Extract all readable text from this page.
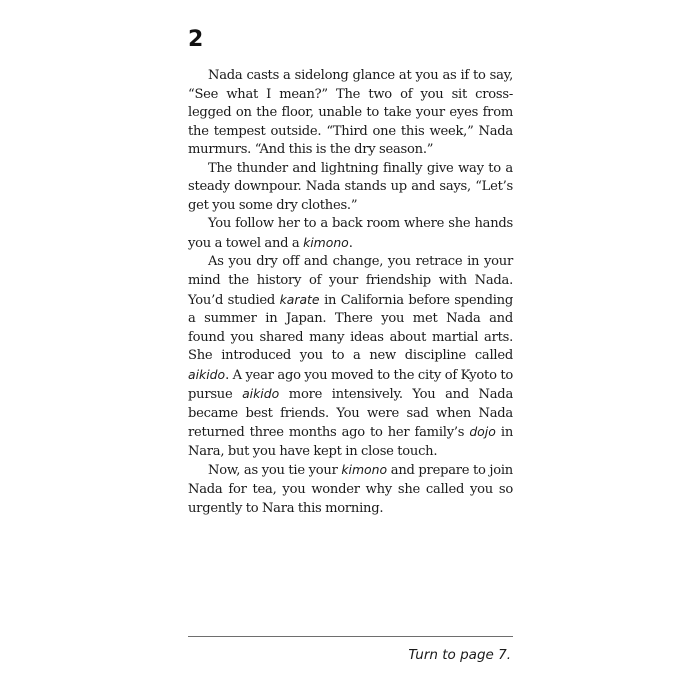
2

Nada casts a sidelong glance at you as if to say, “See what I mean?” The two of you sit cross-legged on the floor, unable to take your eyes from the tempest outside. “Third one this week,” Nada murmurs. “And this is the dry season.”

The thunder and lightning finally give way to a steady downpour. Nada stands up and says, “Let’s get you some dry clothes.”

You follow her to a back room where she hands you a towel and a kimono.

As you dry off and change, you retrace in your mind the history of your friendship with Nada. You’d studied karate in California before spending a summer in Japan. There you met Nada and found you shared many ideas about martial arts. She introduced you to a new discipline called aikido. A year ago you moved to the city of Kyoto to pursue aikido more intensively. You and Nada became best friends. You were sad when Nada returned three months ago to her family’s dojo in Nara, but you have kept in close touch.

Now, as you tie your kimono and prepare to join Nada for tea, you wonder why she called you so urgently to Nara this morning.

Turn to page 7.
